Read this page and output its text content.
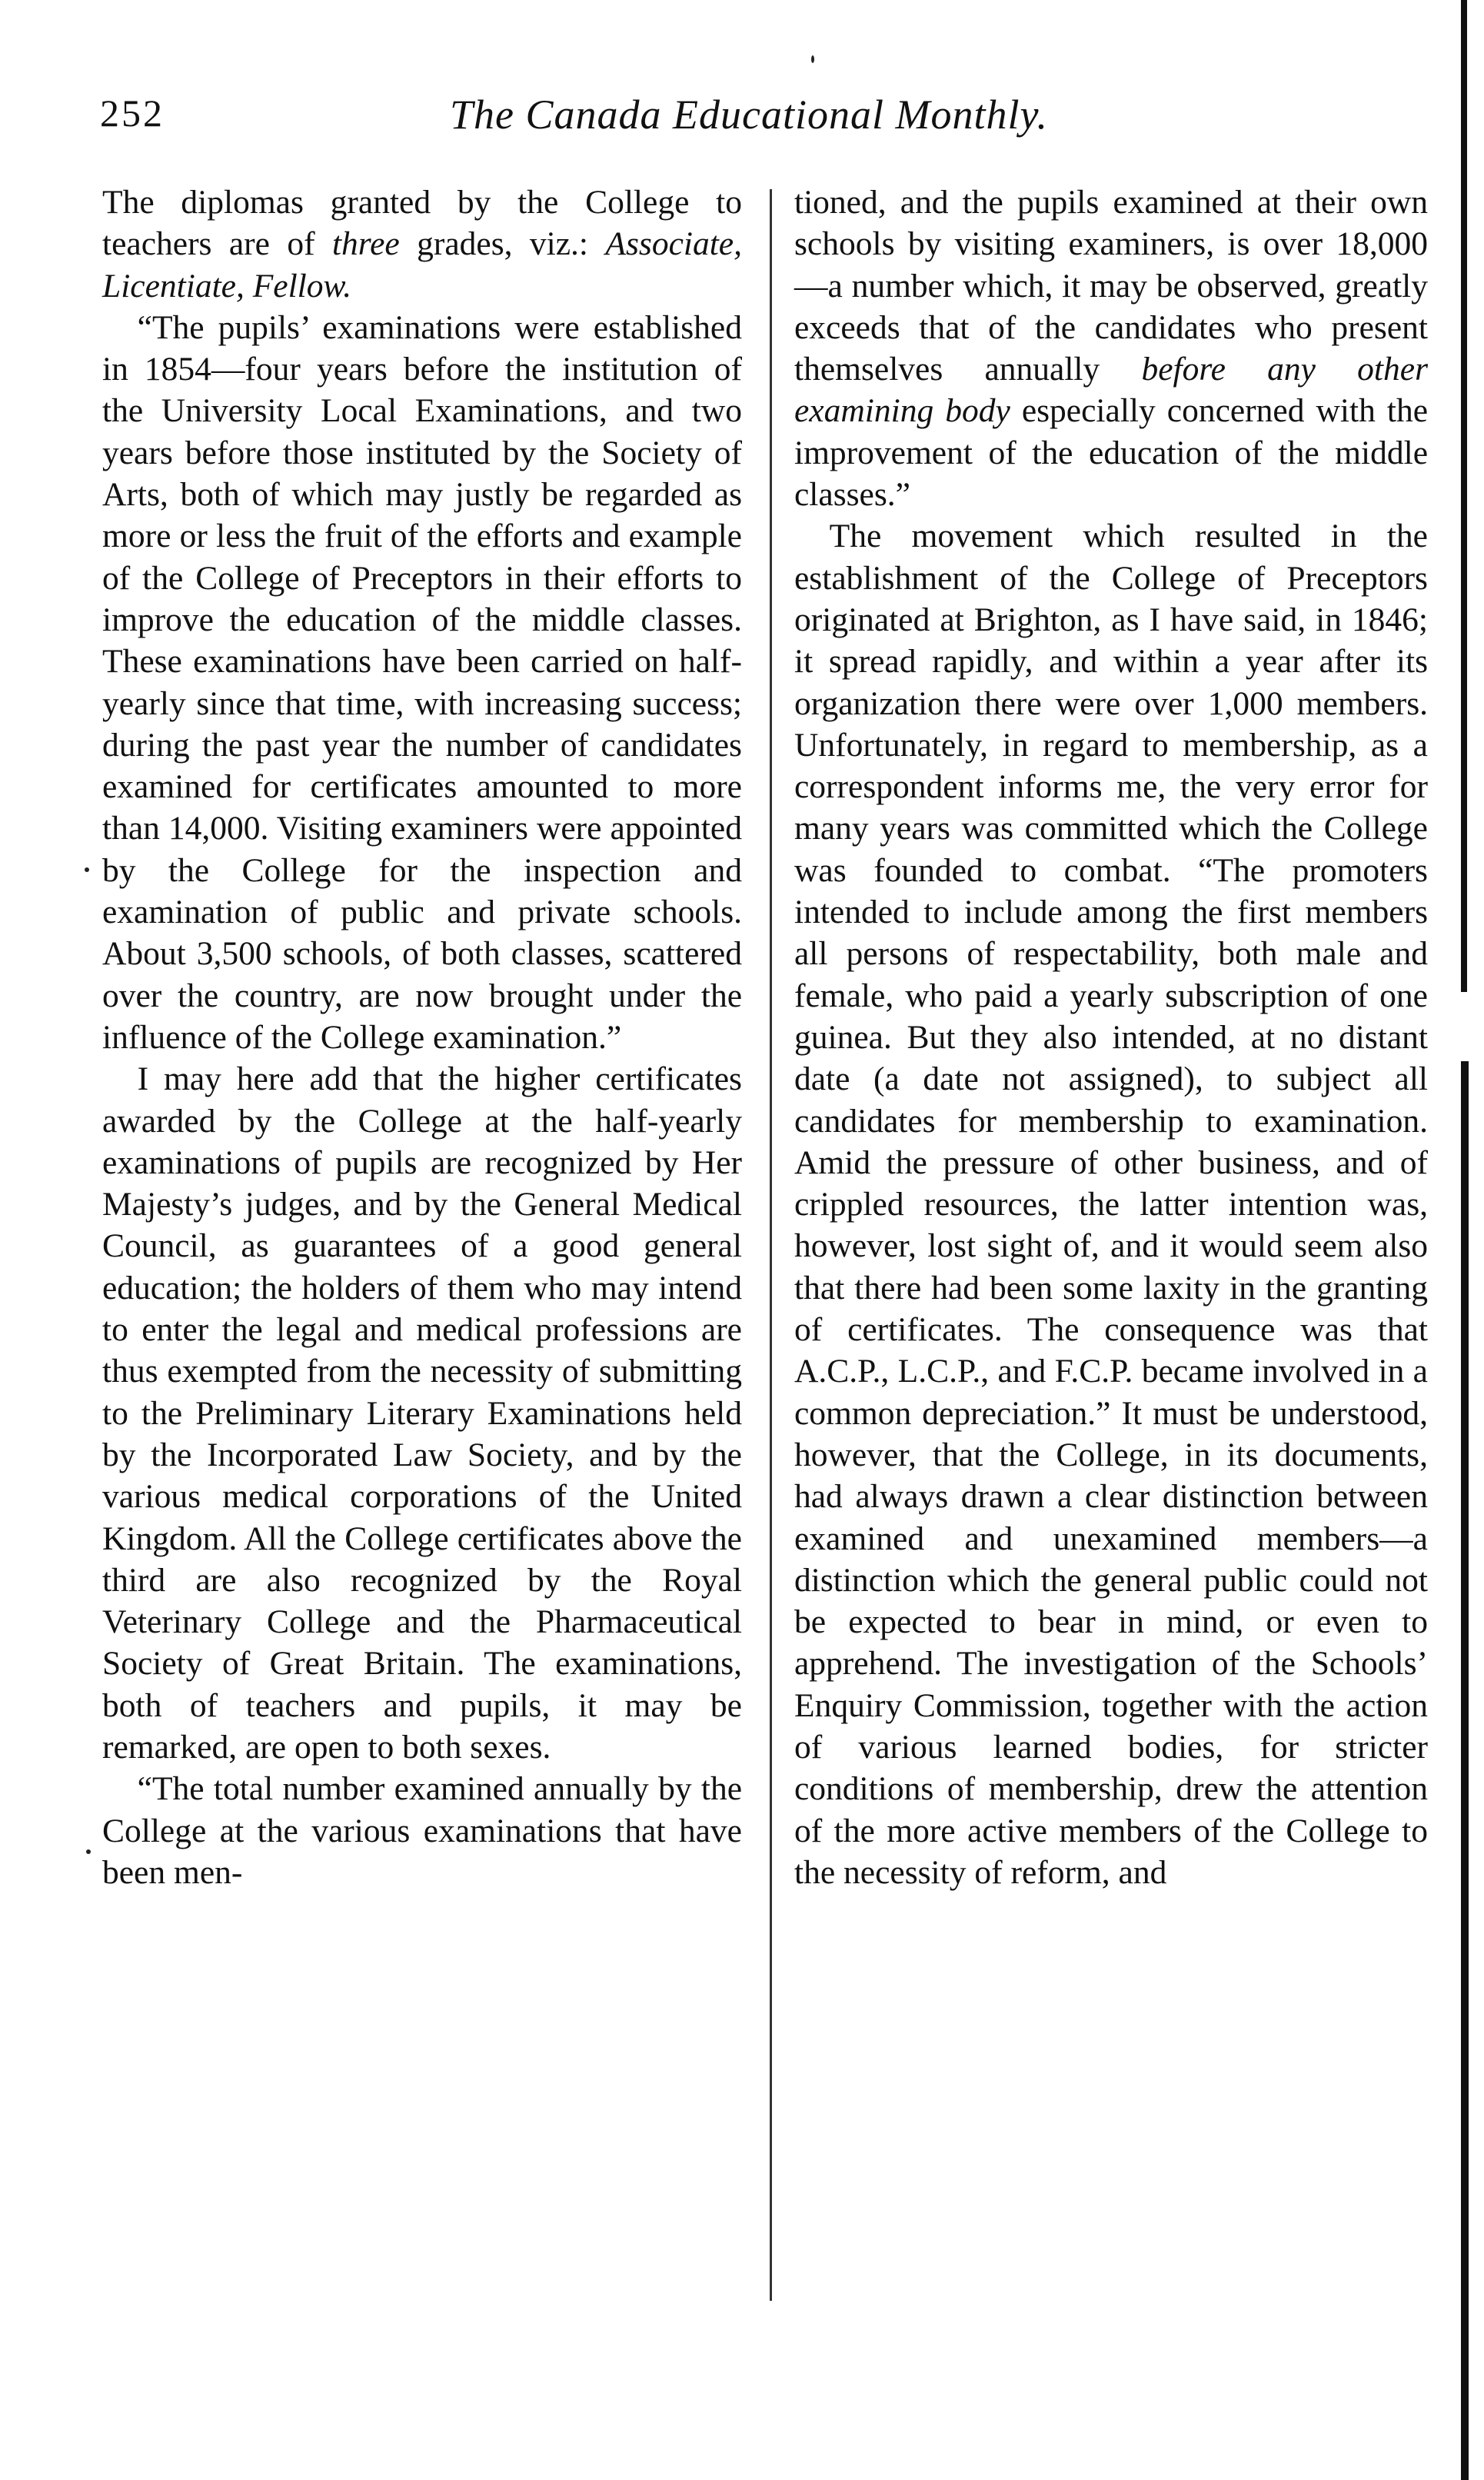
252	The Canada Educational Monthly.

The diplomas granted by the College to teachers are of three grades, viz.: Associate, Licentiate, Fellow.

“The pupils’ examinations were established in 1854—four years before the institution of the University Local Examinations, and two years before those instituted by the Society of Arts, both of which may justly be regarded as more or less the fruit of the efforts and example of the College of Preceptors in their efforts to improve the education of the middle classes. These examinations have been carried on half-yearly since that time, with increasing success; during the past year the number of candidates examined for certificates amounted to more than 14,000. Visiting examiners were appointed by the College for the inspection and examination of public and private schools. About 3,500 schools, of both classes, scattered over the country, are now brought under the influence of the College examination.”

I may here add that the higher certificates awarded by the College at the half-yearly examinations of pupils are recognized by Her Majesty’s judges, and by the General Medical Council, as guarantees of a good general education; the holders of them who may intend to enter the legal and medical professions are thus exempted from the necessity of submitting to the Preliminary Literary Examinations held by the Incorporated Law Society, and by the various medical corporations of the United Kingdom. All the College certificates above the third are also recognized by the Royal Veterinary College and the Pharmaceutical Society of Great Britain. The examinations, both of teachers and pupils, it may be remarked, are open to both sexes.

“The total number examined annually by the College at the various examinations that have been men-

tioned, and the pupils examined at their own schools by visiting examiners, is over 18,000—a number which, it may be observed, greatly exceeds that of the candidates who present themselves annually before any other examining body especially concerned with the improvement of the education of the middle classes.”

The movement which resulted in the establishment of the College of Preceptors originated at Brighton, as I have said, in 1846; it spread rapidly, and within a year after its organization there were over 1,000 members. Unfortunately, in regard to membership, as a correspondent informs me, the very error for many years was committed which the College was founded to combat. “The promoters intended to include among the first members all persons of respectability, both male and female, who paid a yearly subscription of one guinea. But they also intended, at no distant date (a date not assigned), to subject all candidates for membership to examination. Amid the pressure of other business, and of crippled resources, the latter intention was, however, lost sight of, and it would seem also that there had been some laxity in the granting of certificates. The consequence was that A.C.P., L.C.P., and F.C.P. became involved in a common depreciation.” It must be understood, however, that the College, in its documents, had always drawn a clear distinction between examined and unexamined members—a distinction which the general public could not be expected to bear in mind, or even to apprehend. The investigation of the Schools’ Enquiry Commission, together with the action of various learned bodies, for stricter conditions of membership, drew the attention of the more active members of the College to the necessity of reform, and
